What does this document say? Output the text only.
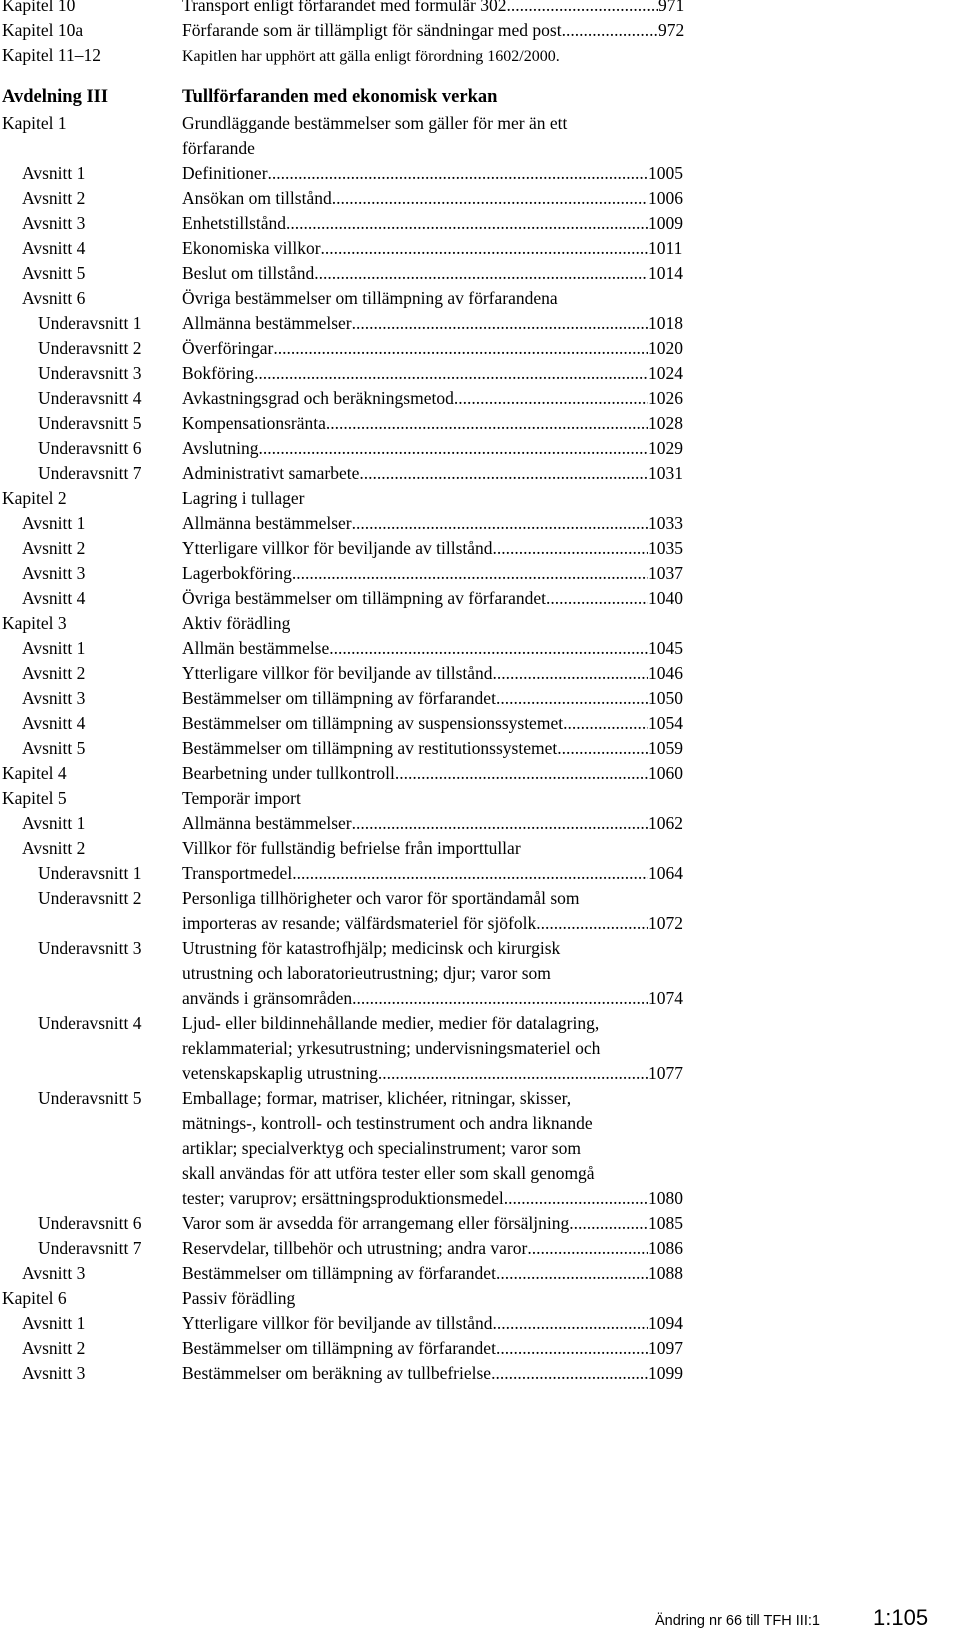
Kapitel 10	Transport enligt förfarandet med formulär 302 .....	971
Kapitel 10a	Förfarande som är tillämpligt för sändningar med post .....	972
Kapitel 11–12	Kapitlen har upphört att gälla enligt förordning 1602/2000.
Avdelning III	Tullförfaranden med ekonomisk verkan
Kapitel 1	Grundläggande bestämmelser som gäller för mer än ett
förfarande
Avsnitt 1	Definitioner .....	1005
Avsnitt 2	Ansökan om tillstånd .....	1006
Avsnitt 3	Enhetstillstånd .....	1009
Avsnitt 4	Ekonomiska villkor .....	1011
Avsnitt 5	Beslut om tillstånd .....	1014
Avsnitt 6	Övriga bestämmelser om tillämpning av förfarandena
Underavsnitt 1 Allmänna bestämmelser .....	1018
Underavsnitt 2 Överföringar .....	1020
Underavsnitt 3 Bokföring .....	1024
Underavsnitt 4 Avkastningsgrad och beräkningsmetod .....	1026
Underavsnitt 5 Kompensationsränta .....	1028
Underavsnitt 6 Avslutning .....	1029
Underavsnitt 7 Administrativt samarbete .....	1031
Kapitel 2	Lagring i tullager
Avsnitt 1	Allmänna bestämmelser .....	1033
Avsnitt 2	Ytterligare villkor för beviljande av tillstånd .....	1035
Avsnitt 3	Lagerbokföring .....	1037
Avsnitt 4	Övriga bestämmelser om tillämpning av förfarandet .....	1040
Kapitel 3	Aktiv förädling
Avsnitt 1	Allmän bestämmelse .....	1045
Avsnitt 2	Ytterligare villkor för beviljande av tillstånd .....	1046
Avsnitt 3	Bestämmelser om tillämpning av förfarandet .....	1050
Avsnitt 4	Bestämmelser om tillämpning av suspensionssystemet .....	1054
Avsnitt 5	Bestämmelser om tillämpning av restitutionssystemet .....	1059
Kapitel 4	Bearbetning under tullkontroll .....	1060
Kapitel 5	Temporär import
Avsnitt 1	Allmänna bestämmelser .....	1062
Avsnitt 2	Villkor för fullständig befrielse från importtullar
Underavsnitt 1 Transportmedel .....	1064
Underavsnitt 2 Personliga tillhörigheter och varor för sportändamål som
importeras av resande; välfärdsmateriel för sjöfolk .....	1072
Underavsnitt 3 Utrustning för katastrofhjälp; medicinsk och kirurgisk
utrustning och laboratorieutrustning; djur; varor som
används i gränsområden .....	1074
Underavsnitt 4 Ljud- eller bildinnehållande medier, medier för datalagring,
reklammaterial; yrkesutrustning; undervisningsmateriel och
vetenskapskaplig utrustning .....	1077
Underavsnitt 5 Emballage; formar, matriser, klichéer, ritningar, skisser,
mätnings-, kontroll- och testinstrument och andra liknande
artiklar; specialverktyg och specialinstrument; varor som
skall användas för att utföra tester eller som skall genomgå
tester; varuprov; ersättningsproduktionsmedel .....	1080
Underavsnitt 6 Varor som är avsedda för arrangemang eller försäljning .....	1085
Underavsnitt 7 Reservdelar, tillbehör och utrustning; andra varor .....	1086
Avsnitt 3	Bestämmelser om tillämpning av förfarandet .....	1088
Kapitel 6	Passiv förädling
Avsnitt 1	Ytterligare villkor för beviljande av tillstånd .....	1094
Avsnitt 2	Bestämmelser om tillämpning av förfarandet .....	1097
Avsnitt 3	Bestämmelser om beräkning av tullbefrielse .....	1099
Ändring nr 66 till TFH III:1 1:105
